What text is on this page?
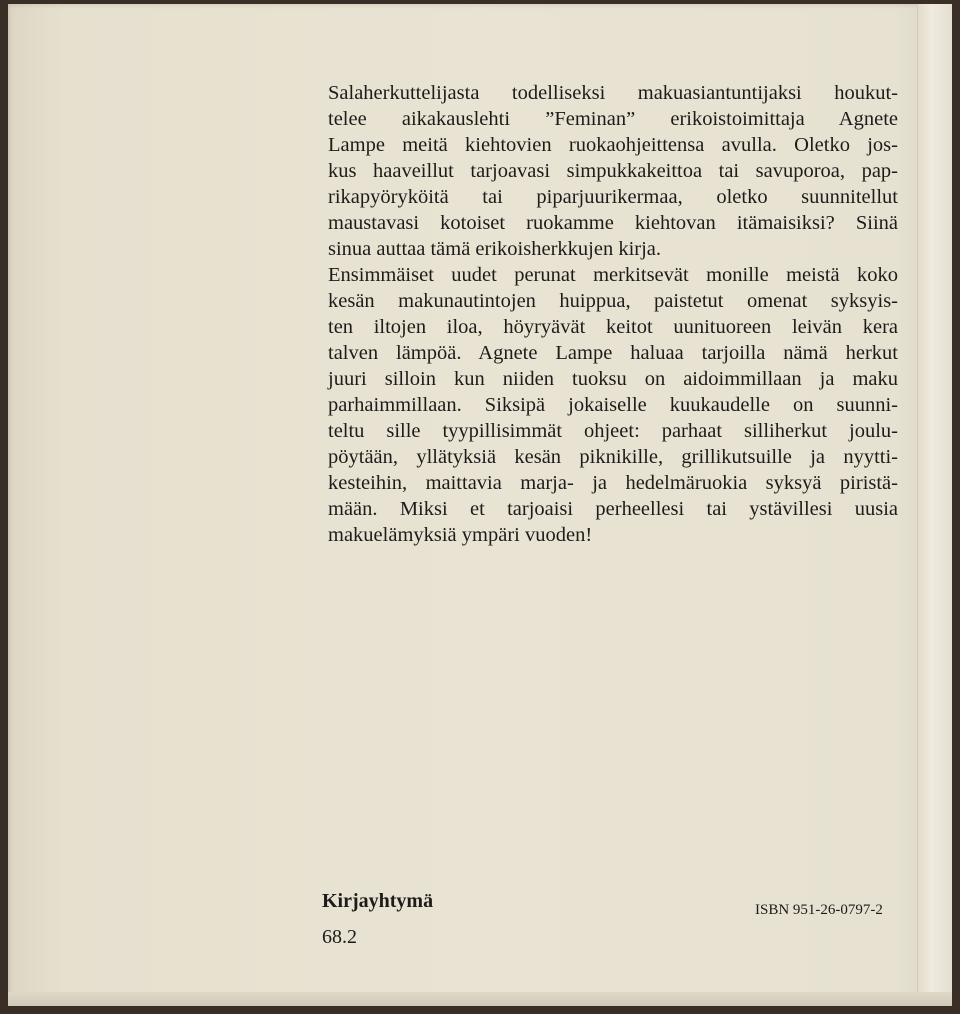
Salaherkuttelijasta todelliseksi makuasiantuntijaksi houkut-
telee aikakauslehti ”Feminan” erikoistoimittaja Agnete
Lampe meitä kiehtovien ruokaohjeittensa avulla. Oletko jos-
kus haaveillut tarjoavasi simpukkakeittoa tai savuporoa, pap-
rikapyöryköitä tai piparjuurikermaa, oletko suunnitellut
maustavasi kotoiset ruokamme kiehtovan itämaisiksi? Siinä
sinua auttaa tämä erikoisherkkujen kirja.
Ensimmäiset uudet perunat merkitsevät monille meistä koko
kesän makunautintojen huippua, paistetut omenat syksyis-
ten iltojen iloa, höyryävät keitot uunituoreen leivän kera
talven lämpöä. Agnete Lampe haluaa tarjoilla nämä herkut
juuri silloin kun niiden tuoksu on aidoimmillaan ja maku
parhaimmillaan. Siksipä jokaiselle kuukaudelle on suunni-
teltu sille tyypillisimmät ohjeet: parhaat silliherkut joulu-
pöytään, yllätyksiä kesän piknikille, grillikutsuille ja nyytti-
kesteihin, maittavia marja- ja hedelmäruokia syksyä piristä-
mään. Miksi et tarjoaisi perheellesi tai ystävillesi uusia
makuelämyksiä ympäri vuoden!
Kirjayhtymä
68.2
ISBN 951-26-0797-2
